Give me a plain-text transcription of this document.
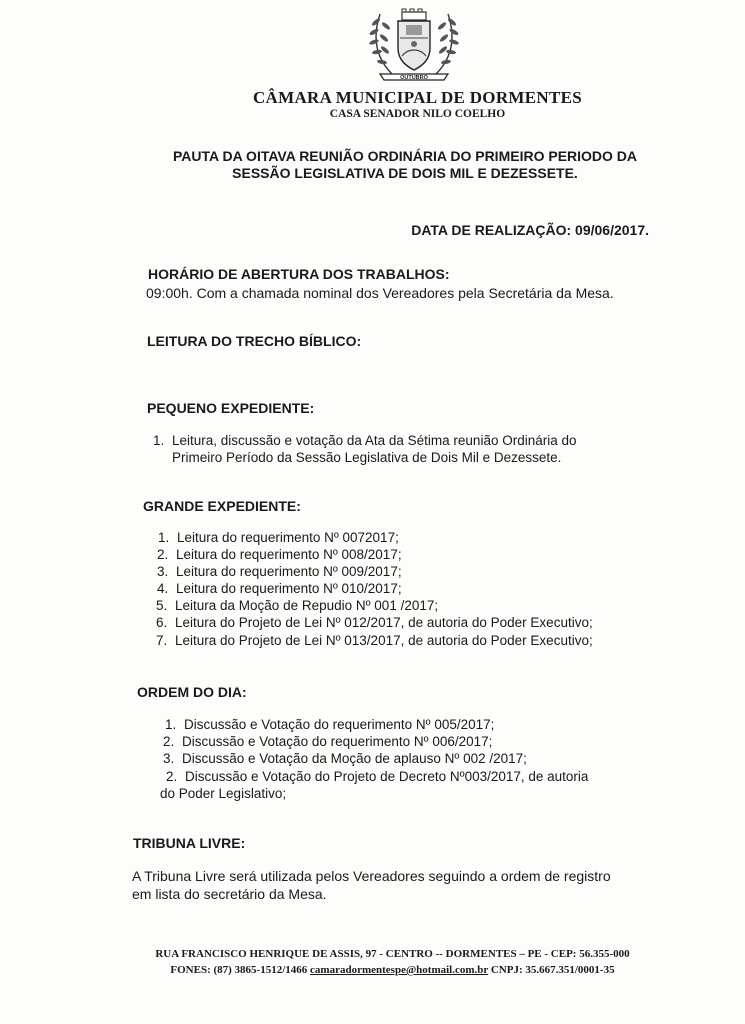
OUTUBRO
CÂMARA MUNICIPAL DE DORMENTES
CASA SENADOR NILO COELHO
PAUTA DA OITAVA REUNIÃO ORDINÁRIA DO PRIMEIRO PERIODO DA
SESSÃO LEGISLATIVA DE DOIS MIL E DEZESSETE.
DATA DE REALIZAÇÃO: 09/06/2017.
HORÁRIO DE ABERTURA DOS TRABALHOS:
09:00h. Com a chamada nominal dos Vereadores pela Secretária da Mesa.
LEITURA DO TRECHO BÍBLICO:
PEQUENO EXPEDIENTE:
1. Leitura, discussão e votação da Ata da Sétima reunião Ordinária do
Primeiro Período da Sessão Legislativa de Dois Mil e Dezessete.
GRANDE EXPEDIENTE:
1. Leitura do requerimento Nº 0072017;
2. Leitura do requerimento Nº 008/2017;
3. Leitura do requerimento Nº 009/2017;
4. Leitura do requerimento Nº 010/2017;
5. Leitura da Moção de Repudio Nº 001 /2017;
6. Leitura do Projeto de Lei Nº 012/2017, de autoria do Poder Executivo;
7. Leitura do Projeto de Lei Nº 013/2017, de autoria do Poder Executivo;
ORDEM DO DIA:
1. Discussão e Votação do requerimento Nº 005/2017;
2. Discussão e Votação do requerimento Nº 006/2017;
3. Discussão e Votação da Moção de aplauso Nº 002 /2017;
2. Discussão e Votação do Projeto de Decreto Nº003/2017, de autoria
do Poder Legislativo;
TRIBUNA LIVRE:
A Tribuna Livre será utilizada pelos Vereadores seguindo a ordem de registro
em lista do secretário da Mesa.
RUA FRANCISCO HENRIQUE DE ASSIS, 97 - CENTRO -- DORMENTES – PE - CEP: 56.355-000
FONES: (87) 3865-1512/1466 camaradormentespe@hotmail.com.br CNPJ: 35.667.351/0001-35
